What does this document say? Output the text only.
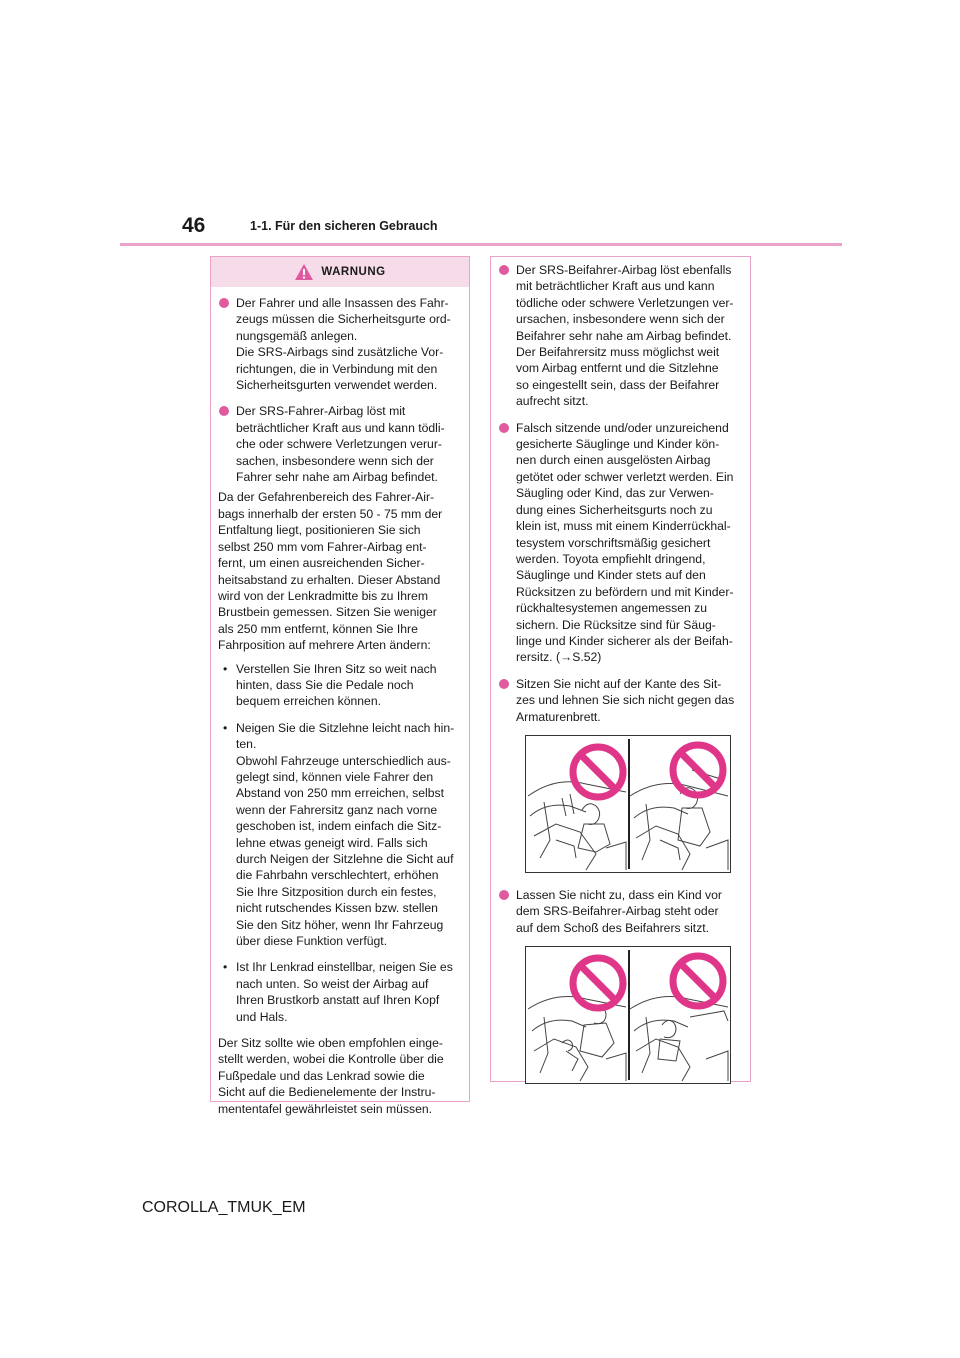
46	1-1. Für den sicheren Gebrauch
WARNUNG
Der Fahrer und alle Insassen des Fahr-
zeugs müssen die Sicherheitsgurte ord-
nungsgemäß anlegen.
Die SRS-Airbags sind zusätzliche Vor-
richtungen, die in Verbindung mit den
Sicherheitsgurten verwendet werden.
Der SRS-Fahrer-Airbag löst mit
beträchtlicher Kraft aus und kann tödli-
che oder schwere Verletzungen verur-
sachen, insbesondere wenn sich der
Fahrer sehr nahe am Airbag befindet.
Da der Gefahrenbereich des Fahrer-Air-
bags innerhalb der ersten 50 - 75 mm der
Entfaltung liegt, positionieren Sie sich
selbst 250 mm vom Fahrer-Airbag ent-
fernt, um einen ausreichenden Sicher-
heitsabstand zu erhalten. Dieser Abstand
wird von der Lenkradmitte bis zu Ihrem
Brustbein gemessen. Sitzen Sie weniger
als 250 mm entfernt, können Sie Ihre
Fahrposition auf mehrere Arten ändern:
• Verstellen Sie Ihren Sitz so weit nach
hinten, dass Sie die Pedale noch
bequem erreichen können.
• Neigen Sie die Sitzlehne leicht nach hin-
ten.
Obwohl Fahrzeuge unterschiedlich aus-
gelegt sind, können viele Fahrer den
Abstand von 250 mm erreichen, selbst
wenn der Fahrersitz ganz nach vorne
geschoben ist, indem einfach die Sitz-
lehne etwas geneigt wird. Falls sich
durch Neigen der Sitzlehne die Sicht auf
die Fahrbahn verschlechtert, erhöhen
Sie Ihre Sitzposition durch ein festes,
nicht rutschendes Kissen bzw. stellen
Sie den Sitz höher, wenn Ihr Fahrzeug
über diese Funktion verfügt.
• Ist Ihr Lenkrad einstellbar, neigen Sie es
nach unten. So weist der Airbag auf
Ihren Brustkorb anstatt auf Ihren Kopf
und Hals.
Der Sitz sollte wie oben empfohlen einge-
stellt werden, wobei die Kontrolle über die
Fußpedale und das Lenkrad sowie die
Sicht auf die Bedienelemente der Instru-
mententafel gewährleistet sein müssen.
Der SRS-Beifahrer-Airbag löst ebenfalls
mit beträchtlicher Kraft aus und kann
tödliche oder schwere Verletzungen ver-
ursachen, insbesondere wenn sich der
Beifahrer sehr nahe am Airbag befindet.
Der Beifahrersitz muss möglichst weit
vom Airbag entfernt und die Sitzlehne
so eingestellt sein, dass der Beifahrer
aufrecht sitzt.
Falsch sitzende und/oder unzureichend
gesicherte Säuglinge und Kinder kön-
nen durch einen ausgelösten Airbag
getötet oder schwer verletzt werden. Ein
Säugling oder Kind, das zur Verwen-
dung eines Sicherheitsgurts noch zu
klein ist, muss mit einem Kinderrückhal-
tesystem vorschriftsmäßig gesichert
werden. Toyota empfiehlt dringend,
Säuglinge und Kinder stets auf den
Rücksitzen zu befördern und mit Kinder-
rückhaltesystemen angemessen zu
sichern. Die Rücksitze sind für Säug-
linge und Kinder sicherer als der Beifah-
rersitz. (→S.52)
Sitzen Sie nicht auf der Kante des Sit-
zes und lehnen Sie sich nicht gegen das
Armaturenbrett.
Lassen Sie nicht zu, dass ein Kind vor
dem SRS-Beifahrer-Airbag steht oder
auf dem Schoß des Beifahrers sitzt.
COROLLA_TMUK_EM
